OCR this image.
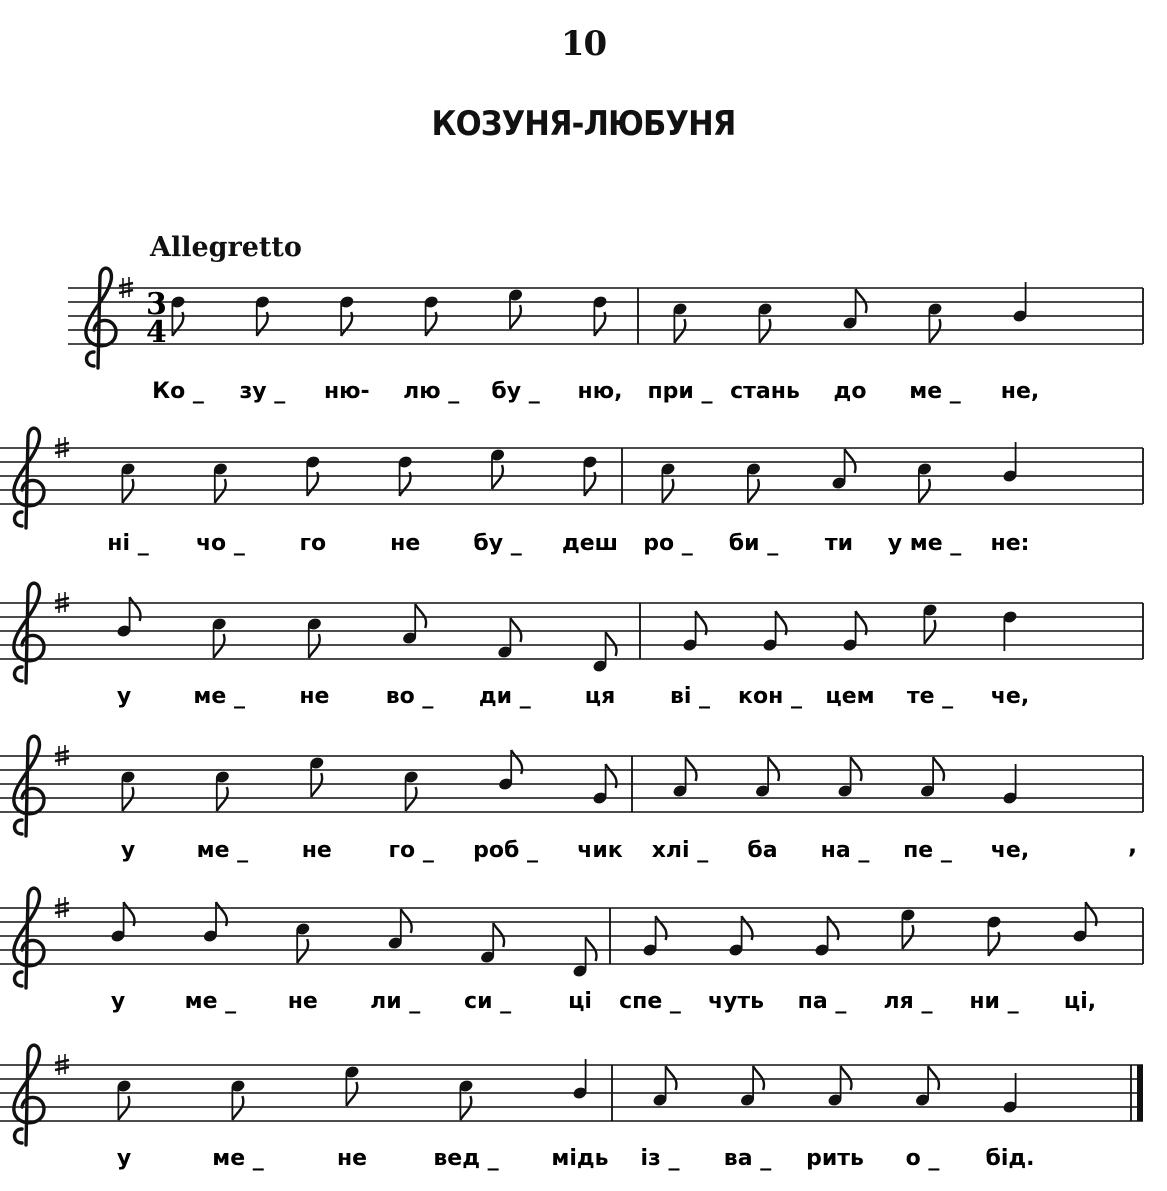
10
КОЗУНЯ-ЛЮБУНЯ
Allegretto
3
4
Ко _ зу _ ню- лю _ бу _ ню, при _ стань до ме _ не,
ні _ чо _ го	не бу _ деш ро _ би _ ти у ме _ не:
у	ме _ не	во _ ди _ ця ві _ кон _ цем те _ че,
у	ме _ не	го _ роб _ чик хлі _ ба на _ пе _ че,	,
у	ме _ не ли _ си _	ці спе _ чуть па _ ля _ ни _ ці,
у	ме _	не	вед _ мідь із _ ва _ рить о _ бід.
